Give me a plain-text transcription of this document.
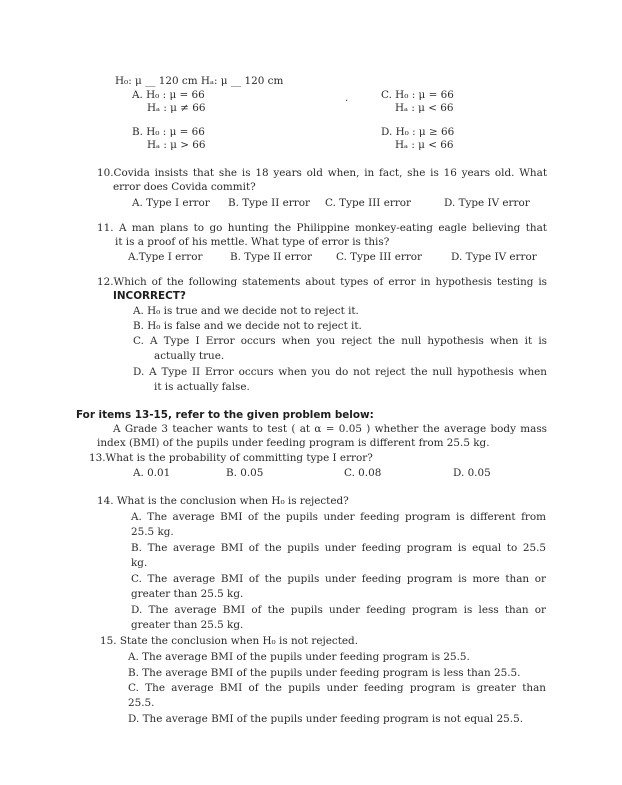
H₀: μ __ 120 cm Hₐ: μ __ 120 cm
A. H₀ : μ = 66
Hₐ : μ ≠ 66
.	C. H₀ : μ = 66
Hₐ : μ < 66
B. H₀ : μ = 66
Hₐ : μ > 66
D. H₀ : μ ≥ 66
Hₐ : μ < 66
10.Covida insists that she is 18 years old when, in fact, she is 16 years old. What
error does Covida commit?
A. Type I error B. Type II error C. Type III error	D. Type IV error
11. A man plans to go hunting the Philippine monkey-eating eagle believing that
it is a proof of his mettle. What type of error is this?
A.Type I error	B. Type II error C. Type III error	D. Type IV error
12.Which of the following statements about types of error in hypothesis testing is
INCORRECT?
A. H₀ is true and we decide not to reject it.
B. H₀ is false and we decide not to reject it.
C. A Type I Error occurs when you reject the null hypothesis when it is
actually true.
D. A Type II Error occurs when you do not reject the null hypothesis when
it is actually false.
For items 13-15, refer to the given problem below:
A Grade 3 teacher wants to test ( at α = 0.05 ) whether the average body mass
index (BMI) of the pupils under feeding program is different from 25.5 kg.
13.What is the probability of committing type I error?
A. 0.01	B. 0.05	C. 0.08	D. 0.05
14. What is the conclusion when H₀ is rejected?
A. The average BMI of the pupils under feeding program is different from
25.5 kg.
B. The average BMI of the pupils under feeding program is equal to 25.5
kg.
C. The average BMI of the pupils under feeding program is more than or
greater than 25.5 kg.
D. The average BMI of the pupils under feeding program is less than or
greater than 25.5 kg.
15. State the conclusion when H₀ is not rejected.
A. The average BMI of the pupils under feeding program is 25.5.
B. The average BMI of the pupils under feeding program is less than 25.5.
C. The average BMI of the pupils under feeding program is greater than
25.5.
D. The average BMI of the pupils under feeding program is not equal 25.5.
